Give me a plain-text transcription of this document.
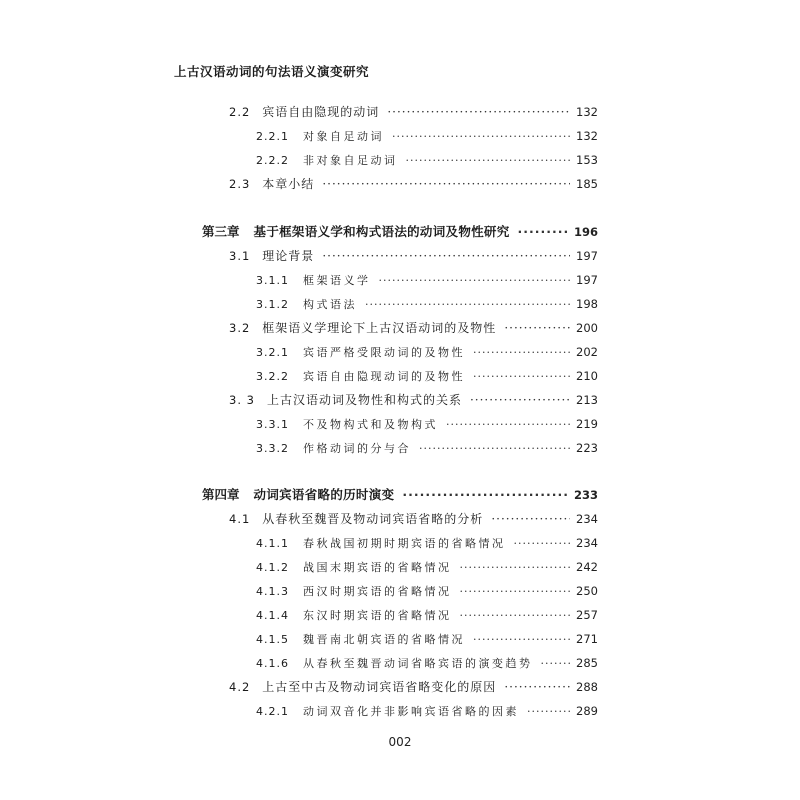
上古汉语动词的句法语义演变研究
2.2 宾语自由隐现的动词 ·····	132
2.2.1 对象自足动词 ·····	132
2.2.2 非对象自足动词 ·····	153
2.3 本章小结 ·····	185
第三章 基于框架语义学和构式语法的动词及物性研究 ·····	196
3.1 理论背景 ·····	197
3.1.1 框架语义学 ·····	197
3.1.2 构式语法 ·····	198
3.2 框架语义学理论下上古汉语动词的及物性 ·····	200
3.2.1 宾语严格受限动词的及物性 ·····	202
3.2.2 宾语自由隐现动词的及物性 ·····	210
3. 3 上古汉语动词及物性和构式的关系 ·····	213
3.3.1 不及物构式和及物构式 ·····	219
3.3.2 作格动词的分与合 ·····	223
第四章 动词宾语省略的历时演变 ·····	233
4.1 从春秋至魏晋及物动词宾语省略的分析 ·····	234
4.1.1 春秋战国初期时期宾语的省略情况 ·····	234
4.1.2 战国末期宾语的省略情况 ·····	242
4.1.3 西汉时期宾语的省略情况 ·····	250
4.1.4 东汉时期宾语的省略情况 ·····	257
4.1.5 魏晋南北朝宾语的省略情况 ·····	271
4.1.6 从春秋至魏晋动词省略宾语的演变趋势 ·····	285
4.2 上古至中古及物动词宾语省略变化的原因 ·····	288
4.2.1 动词双音化并非影响宾语省略的因素 ·····	289
002
